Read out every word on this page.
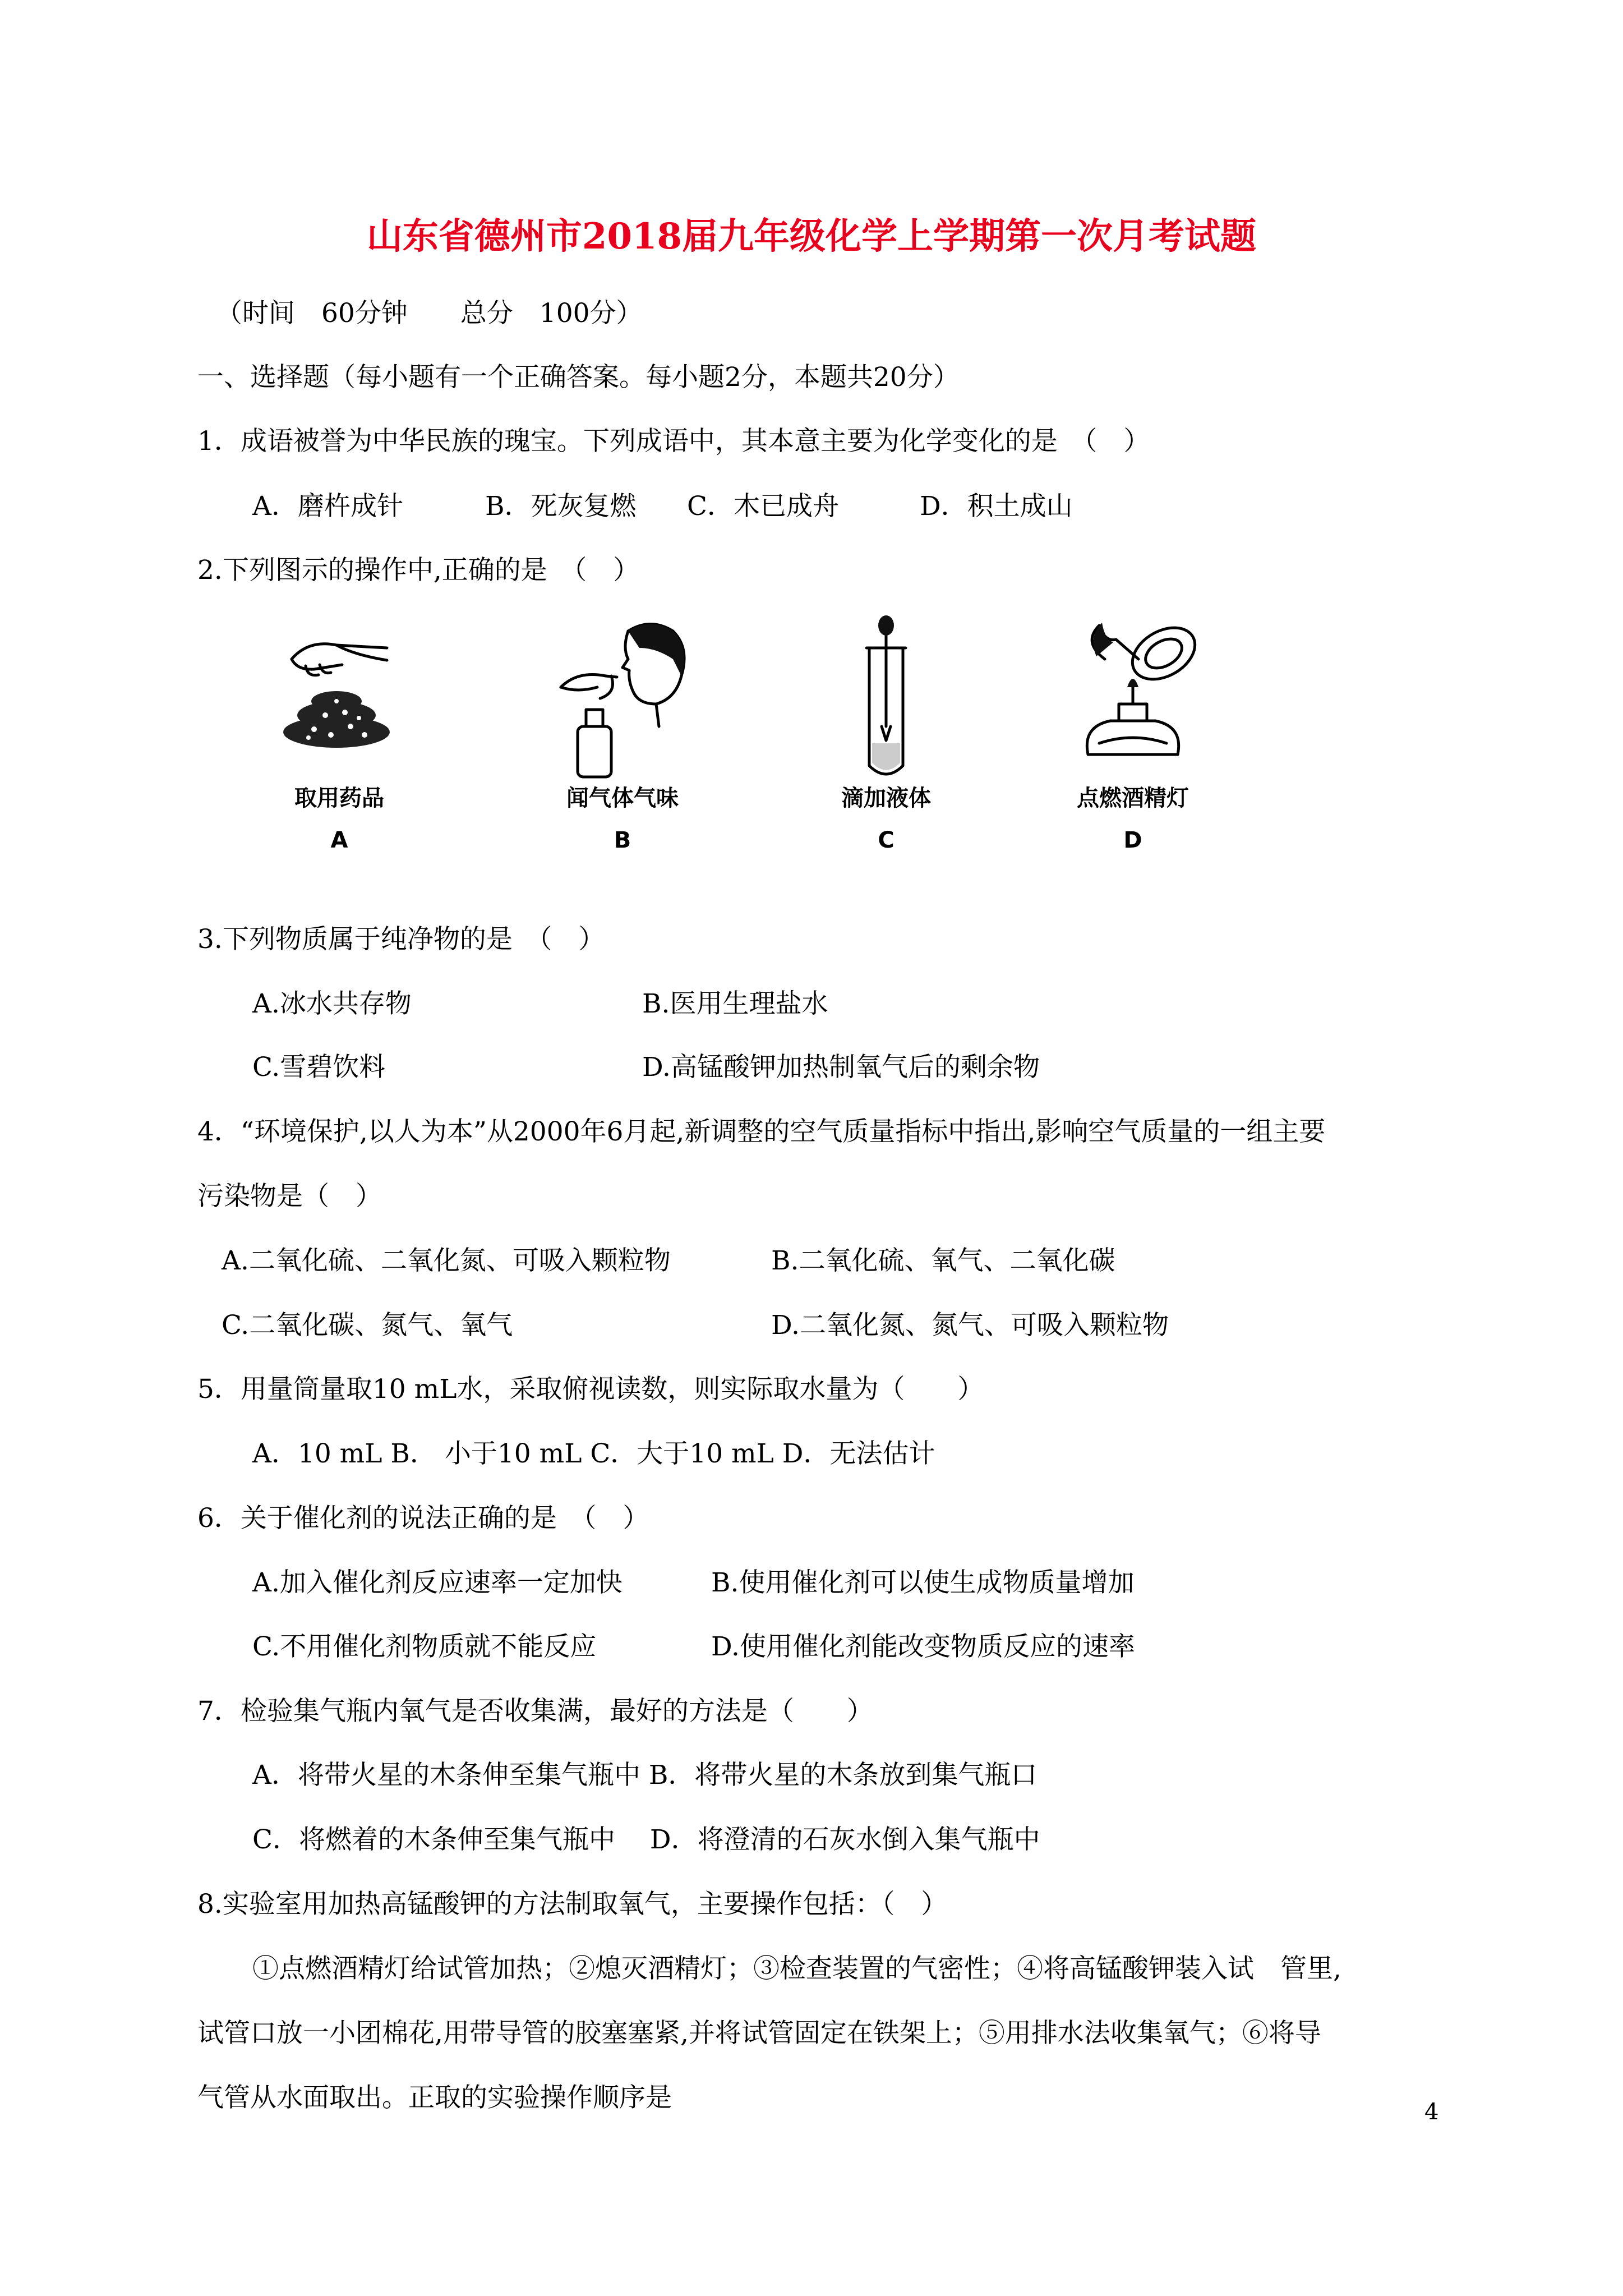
山东省德州市2018届九年级化学上学期第一次月考试题
（时间　60分钟　　总分　100分）
一、选择题（每小题有一个正确答案。每小题2分，本题共20分）
1．成语被誉为中华民族的瑰宝。下列成语中，其本意主要为化学变化的是　（　）
A．磨杵成针	B．死灰复燃 C．木已成舟	D．积土成山
2.下列图示的操作中,正确的是　（　）
取用药品
A
闻气体气味
B
滴加液体
C
点燃酒精灯
D
3.下列物质属于纯净物的是　（　）
A.冰水共存物	B.医用生理盐水
C.雪碧饮料	D.高锰酸钾加热制氧气后的剩余物
4．“环境保护,以人为本”从2000年6月起,新调整的空气质量指标中指出,影响空气质量的一组主要
污染物是（　）
A.二氧化硫、二氧化氮、可吸入颗粒物	B.二氧化硫、氧气、二氧化碳
C.二氧化碳、氮气、氧气	D.二氧化氮、氮气、可吸入颗粒物
5．用量筒量取10 mL水，采取俯视读数，则实际取水量为（　　）
A．10 mL B． 小于10 mL C．大于10 mL D．无法估计
6．关于催化剂的说法正确的是　（　）
A.加入催化剂反应速率一定加快	B.使用催化剂可以使生成物质量增加
C.不用催化剂物质就不能反应	D.使用催化剂能改变物质反应的速率
7．检验集气瓶内氧气是否收集满，最好的方法是（　　）
A．将带火星的木条伸至集气瓶中 B．将带火星的木条放到集气瓶口
C．将燃着的木条伸至集气瓶中　 D．将澄清的石灰水倒入集气瓶中
8.实验室用加热高锰酸钾的方法制取氧气，主要操作包括：（　）
①点燃酒精灯给试管加热；②熄灭酒精灯；③检查装置的气密性；④将高锰酸钾装入试　管里,
试管口放一小团棉花,用带导管的胶塞塞紧,并将试管固定在铁架上；⑤用排水法收集氧气；⑥将导
气管从水面取出。正取的实验操作顺序是	4
